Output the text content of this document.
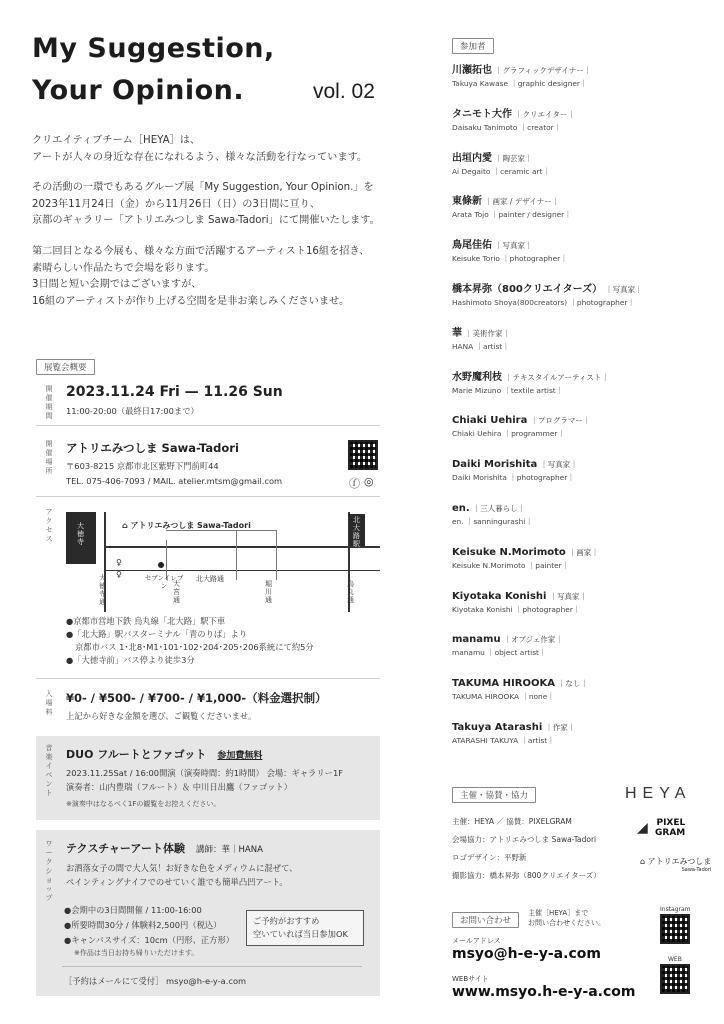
My Suggestion,
Your Opinion.	vol. 02
クリエイティブチーム［HEYA］は、
アートが人々の身近な存在になれるよう、様々な活動を行なっています。
その活動の一環でもあるグループ展「My Suggestion, Your Opinion.」を
2023年11月24日（金）から11月26日（日）の3日間に亘り、
京都のギャラリー「アトリエみつしま Sawa-Tadori」にて開催いたします。
第二回目となる今展も、様々な方面で活躍するアーティスト16組を招き、
素晴らしい作品たちで会場を彩ります。
3日間と短い会期ではございますが、
16組のアーティストが作り上げる空間を是非お楽しみくださいませ。
展覧会概要
開催期間
2023.11.24 Fri — 11.26 Sun
11:00-20:00（最終日17:00まで）
開催場所
アトリエみつしま Sawa-Tadori
〒603-8215 京都市北区紫野下門前町44
TEL. 075-406-7093 / MAIL. atelier.mtsm@gmail.com	ⓕ ◎
アクセス
大徳寺
⌂ アトリエみつしま Sawa-Tadori
北大路駅
♀
♀
大徳寺通
セブンイレブン 大宮通
北大路通
堀川通
烏丸通
●京都市営地下鉄 烏丸線「北大路」駅下車
●「北大路」駅バスターミナル「青のりば」より
京都市バス 1･北8･M1･101･102･204･205･206系統にて約5分
●「大徳寺前」バス停より徒歩3分
入場料
¥0- / ¥500- / ¥700- / ¥1,000-（料金選択制）
上記から好きな金額を選び、ご観覧くださいませ。
音楽イベント
DUO フルートとファゴット　 参加費無料
2023.11.25Sat / 16:00開演（演奏時間：約1時間） 会場：ギャラリー1F
演奏者：山内豊瑞（フルート）＆ 中川日出鷹（ファゴット）
※演奏中はなるべく1Fの観覧をお控えください。
ワークショップ
テクスチャーアート体験　 講師：華｜HANA
お洒落女子の間で大人気！お好きな色をメディウムに混ぜて、
ペインティングナイフでのせていく誰でも簡単凸凹アート。
●会期中の3日間開催 / 11:00-16:00
●所要時間30分 / 体験料2,500円（税込）
●キャンバスサイズ：10cm（円形、正方形）
※作品は当日お持ち帰りいただけます。
ご予約がおすすめ
空いていれば当日参加OK
［予約はメールにて受付］ msyo@h-e-y-a.com
参加者
川瀬拓也 ｜グラフィックデザイナー｜
Takuya Kawase ｜graphic designer｜
タニモト大作 ｜クリエイター｜
Daisaku Tanimoto ｜creator｜
出垣内愛 ｜陶芸家｜
Ai Degaito ｜ceramic art｜
東條新 ｜画家 / デザイナー｜
Arata Tojo ｜painter / designer｜
鳥尾佳佑 ｜写真家｜
Keisuke Torio ｜photographer｜
橋本昇弥（800クリエイターズ） ｜写真家｜
Hashimoto Shoya(800creators) ｜photographer｜
華 ｜美術作家｜
HANA ｜artist｜
水野魔利枝 ｜テキスタイルアーティスト｜
Marie Mizuno ｜textile artist｜
Chiaki Uehira ｜プログラマー｜
Chiaki Uehira ｜programmer｜
Daiki Morishita ｜写真家｜
Daiki Morishita ｜photographer｜
en. ｜三人暮らし｜
en. ｜sanningurashi｜
Keisuke N.Morimoto ｜画家｜
Keisuke N.Morimoto ｜painter｜
Kiyotaka Konishi ｜写真家｜
Kiyotaka Konishi ｜photographer｜
manamu ｜オブジェ作家｜
manamu ｜object artist｜
TAKUMA HIROOKA ｜なし｜
TAKUMA HIROOKA ｜none｜
Takuya Atarashi ｜作家｜
ATARASHI TAKUYA ｜artist｜
主催・協賛・協力
主催：HEYA ／ 協賛：PIXELGRAM
会場協力：アトリエみつしま Sawa-Tadori
ロゴデザイン：平野新
撮影協力：橋本昇弥（800クリエイターズ）
HEYA
PIXEL
GRAM
◢
⌂ アトリエみつしま
Sawa-Tadori
お問い合わせ
主催［HEYA］まで
お問い合わせください。
メールアドレス
msyo@h-e-y-a.com
WEBサイト
www.msyo.h-e-y-a.com
Instagram
WEB
